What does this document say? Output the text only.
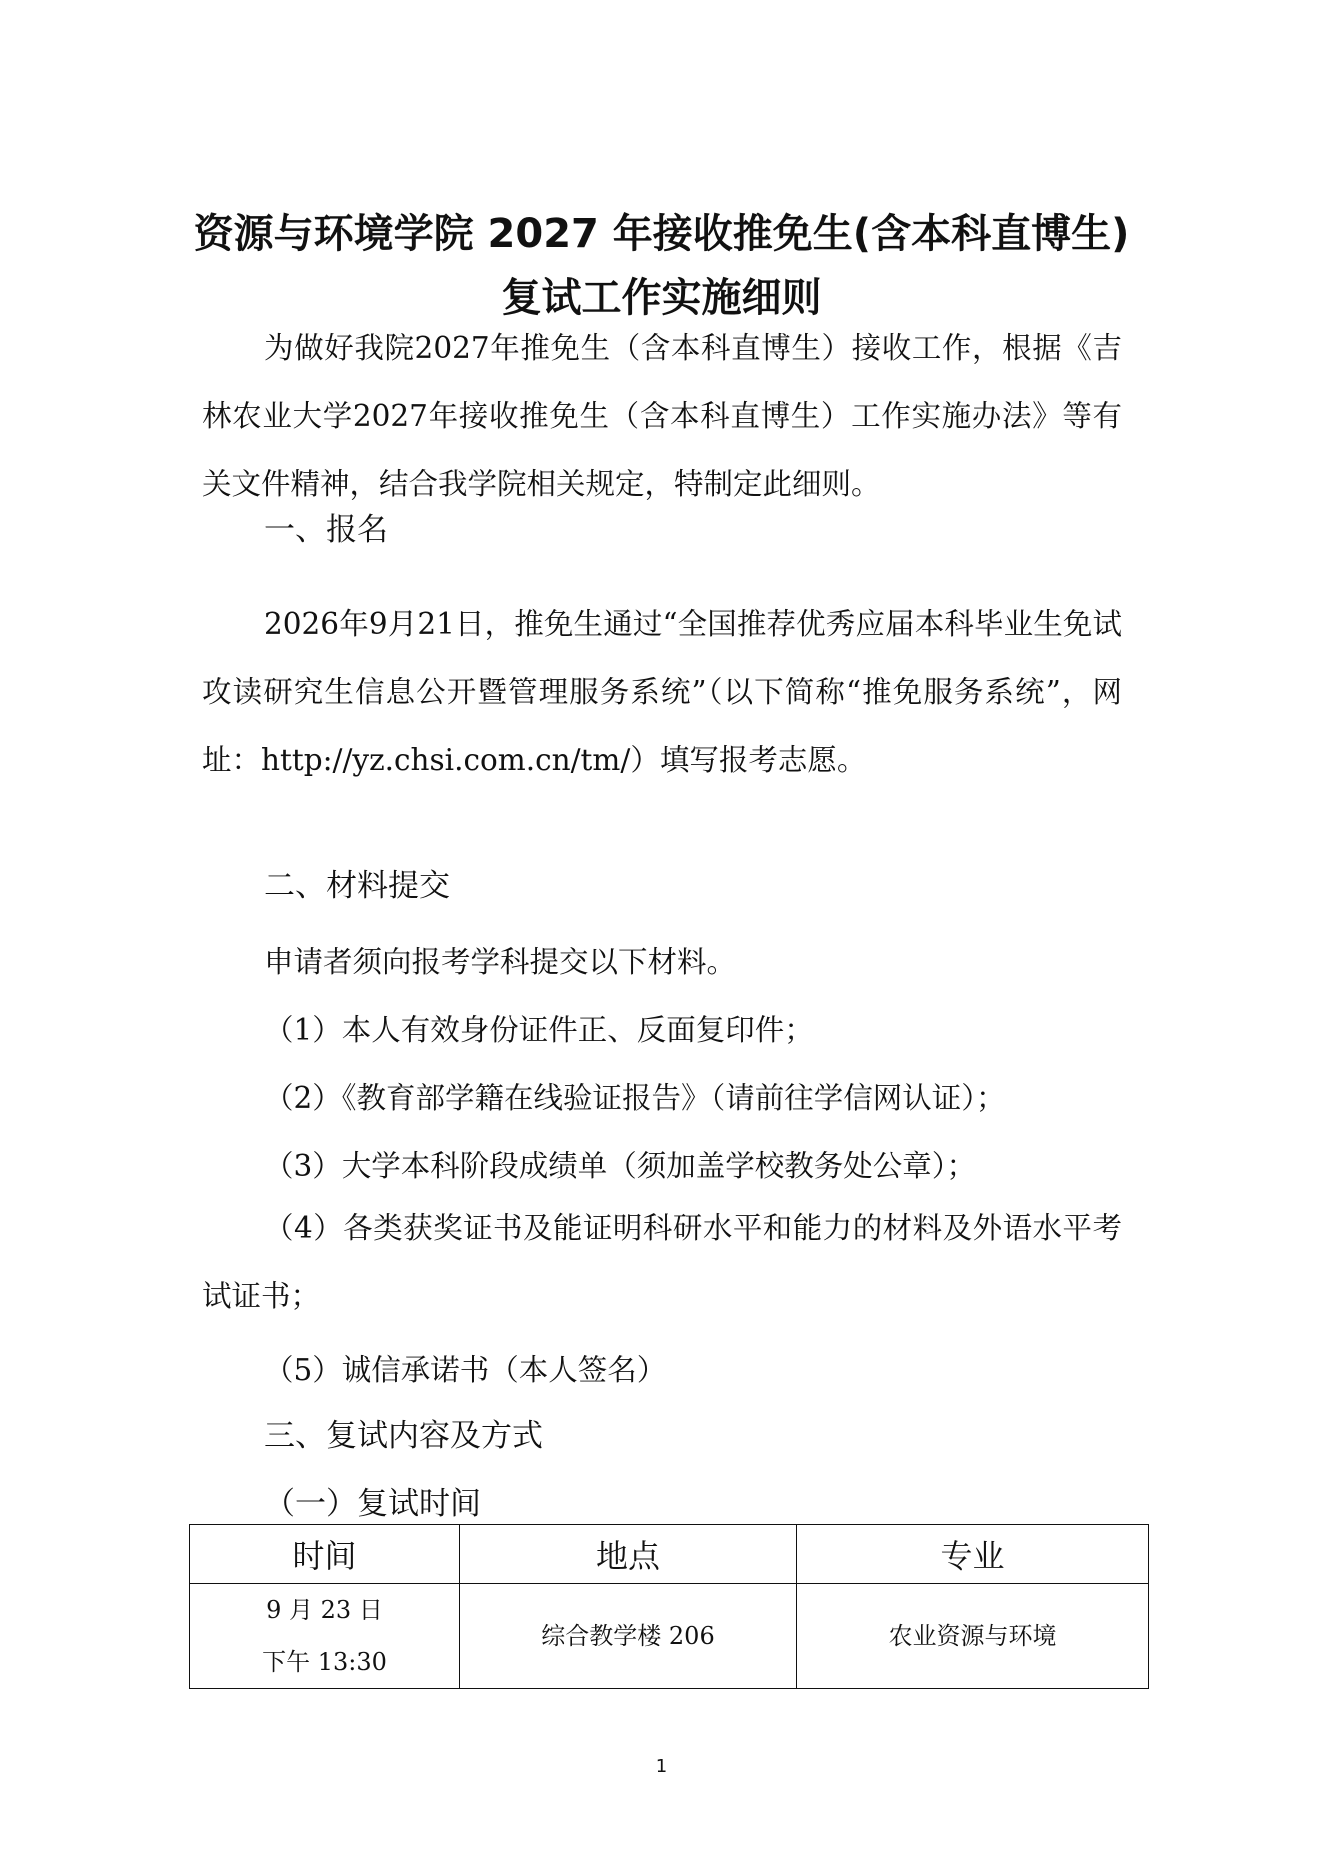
资源与环境学院 2027 年接收推免生(含本科直博生)
复试工作实施细则

为做好我院2027年推免生（含本科直博生）接收工作，根据《吉林农业大学2027年接收推免生（含本科直博生）工作实施办法》等有关文件精神，结合我学院相关规定，特制定此细则。

一、报名

2026年9月21日，推免生通过“全国推荐优秀应届本科毕业生免试攻读研究生信息公开暨管理服务系统”（以下简称“推免服务系统”，网址：http://yz.chsi.com.cn/tm/）填写报考志愿。

二、材料提交

申请者须向报考学科提交以下材料。

（1）本人有效身份证件正、反面复印件；

（2）《教育部学籍在线验证报告》（请前往学信网认证）；

（3）大学本科阶段成绩单（须加盖学校教务处公章）；

（4）各类获奖证书及能证明科研水平和能力的材料及外语水平考试证书；

（5）诚信承诺书（本人签名）

三、复试内容及方式

（一）复试时间

时间	地点	专业

9 月 23 日
下午 13:30	综合教学楼 206	农业资源与环境
1
